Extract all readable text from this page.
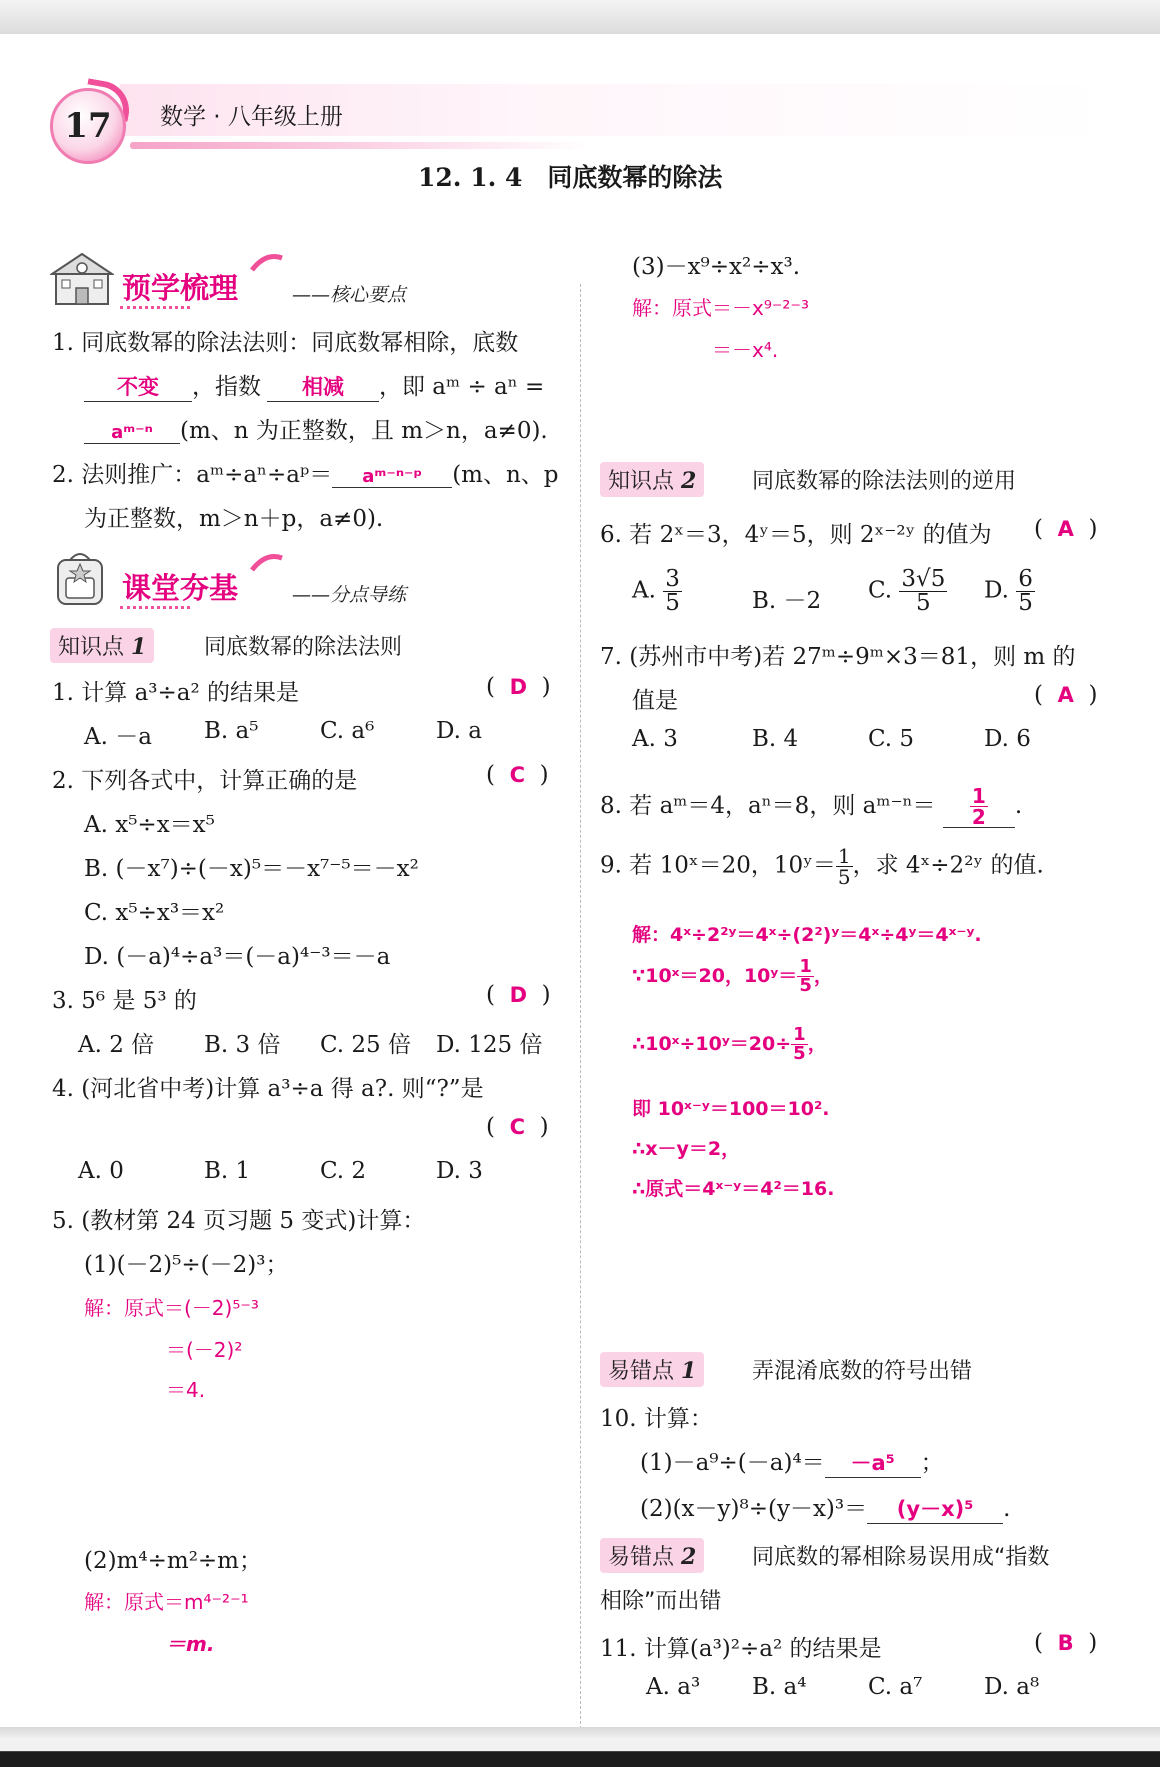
17	数学 · 八年级上册
12. 1. 4　同底数幂的除法
预学梳理	——核心要点
1. 同底数幂的除法法则：同底数幂相除，底数
不变 ，指数 相减 ，即 aᵐ ÷ aⁿ =
aᵐ⁻ⁿ (m、n 为正整数，且 m＞n，a≠0).
2. 法则推广：aᵐ÷aⁿ÷aᵖ＝ aᵐ⁻ⁿ⁻ᵖ (m、n、p
为正整数，m＞n＋p，a≠0).
课堂夯基	——分点导练
知识点 1	同底数幂的除法法则
1. 计算 a³÷a² 的结果是	(  D  )
A. －a B. a⁵	C. a⁶	D. a
2. 下列各式中，计算正确的是	(  C  )
A. x⁵÷x＝x⁵
B. (－x⁷)÷(－x)⁵＝－x⁷⁻⁵＝－x²
C. x⁵÷x³＝x²
D. (－a)⁴÷a³＝(－a)⁴⁻³＝－a
3. 5⁶ 是 5³ 的	(  D  )
A. 2 倍 B. 3 倍 C. 25 倍 D. 125 倍
4. (河北省中考)计算 a³÷a 得 a?. 则“?”是
(  C  )
A. 0	B. 1	C. 2	D. 3
5. (教材第 24 页习题 5 变式)计算：
(1)(－2)⁵÷(－2)³；
解：原式＝(－2)⁵⁻³
＝(－2)²
＝4.
(2)m⁴÷m²÷m；
解：原式＝m⁴⁻²⁻¹
＝m.
(3)－x⁹÷x²÷x³.
解：原式＝－x⁹⁻²⁻³
＝－x⁴.
知识点 2	同底数幂的除法法则的逆用
6. 若 2ˣ＝3，4ʸ＝5，则 2ˣ⁻²ʸ 的值为 (  A  )
A. $\frac{3}{5}$	B. －2 C. $\frac{3√5}{5} D$. $\frac{6}{5}$
7. (苏州市中考)若 27ᵐ÷9ᵐ×3＝81，则 m 的
值是	(  A  )
A. 3	B. 4	C. 5	D. 6
8. 若 aᵐ＝4，aⁿ＝8，则 aᵐ⁻ⁿ＝ $\frac{1}{2}$ .
9. 若 10ˣ＝20，10ʸ＝ $\frac{1}{5}$ ，求 4ˣ÷2²ʸ 的值.
解：4ˣ÷2²ʸ＝4ˣ÷(2²)ʸ＝4ˣ÷4ʸ＝4ˣ⁻ʸ.
∵10ˣ＝20，10ʸ＝ $\frac{1}{5}$ ，
∴10ˣ÷10ʸ＝20÷ $\frac{1}{5}$ ，
即 10ˣ⁻ʸ＝100＝10².
∴x－y＝2，
∴原式＝4ˣ⁻ʸ＝4²＝16.
易错点 1	弄混淆底数的符号出错
10. 计算：
(1)－a⁹÷(－a)⁴＝ －a⁵ ；
(2)(x－y)⁸÷(y－x)³＝ (y－x)⁵ .
易错点 2	同底数的幂相除易误用成“指数
相除”而出错
11. 计算(a³)²÷a² 的结果是	(  B  )
A. a³ B. a⁴	C. a⁷	D. a⁸
